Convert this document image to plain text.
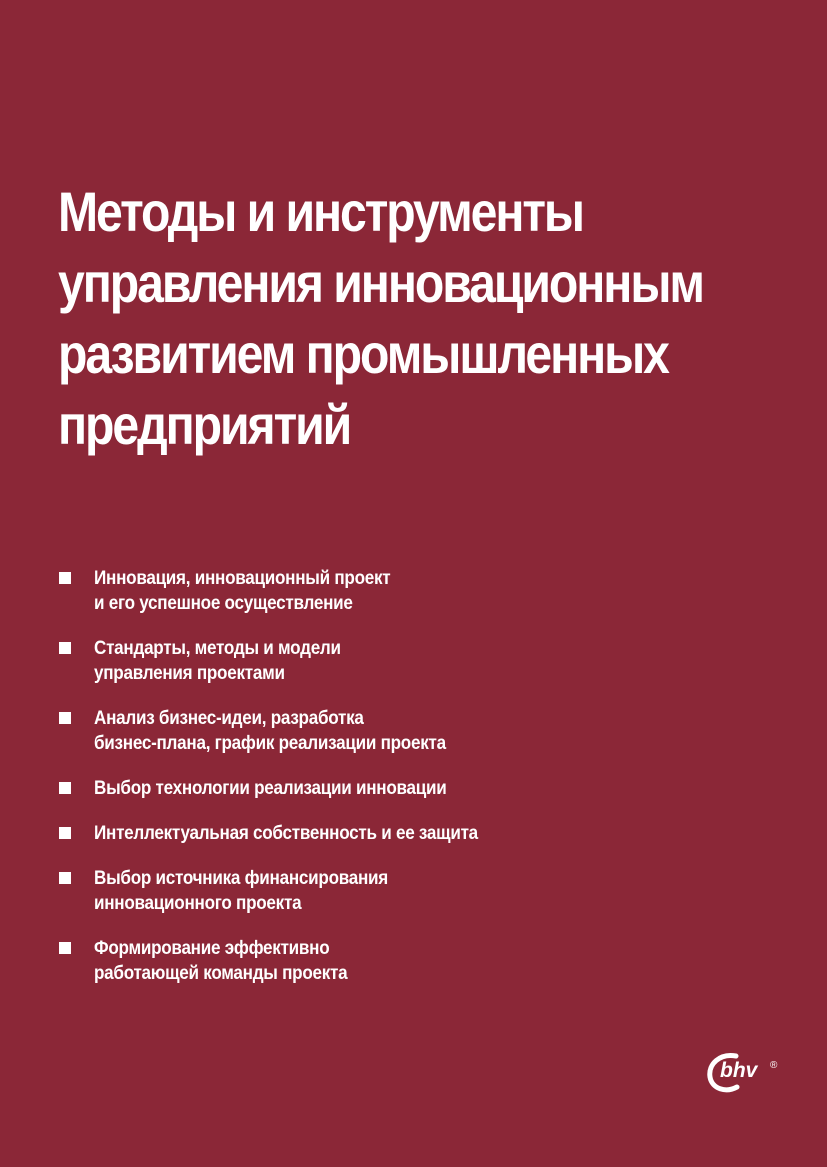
Методы и инструменты
управления инновационным
развитием промышленных
предприятий
Инновация, инновационный проект
и его успешное осуществление
Стандарты, методы и модели
управления проектами
Анализ бизнес-идеи, разработка
бизнес-плана, график реализации проекта
Выбор технологии реализации инновации
Интеллектуальная собственность и ее защита
Выбор источника финансирования
инновационного проекта
Формирование эффективно
работающей команды проекта
bhv ®
